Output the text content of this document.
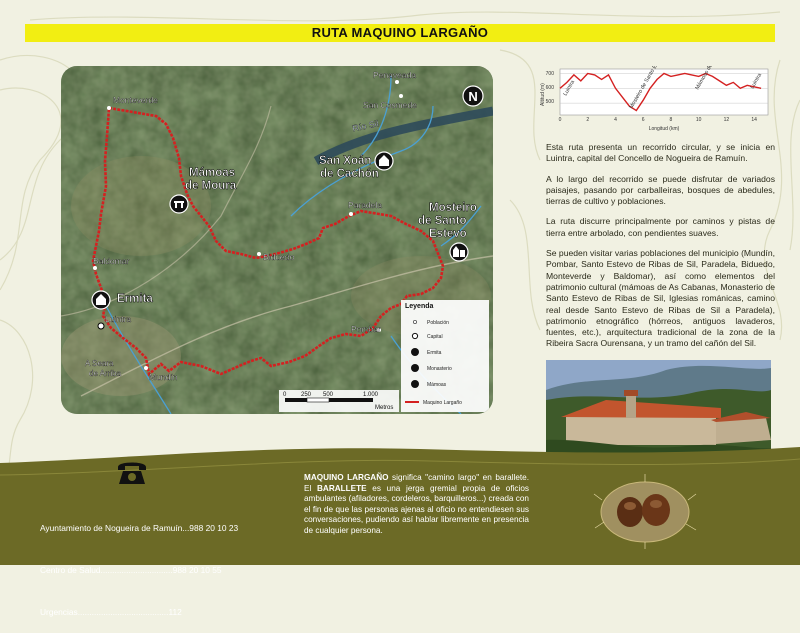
RUTA MAQUINO LARGAÑO
Monteverde
Penaveada
San Cosmede
Paradela
Biduedo
Baldomar
Luintra
Pombar
Mundín
A Seara de Arriba
Río Sil
Mámoas de Moura
San Xoán de Cachón
Mosteiro de Santo Estevo
Ermita
N
Leyenda
Población
Capital
Ermita
Monasterio
Mámoas
Maquino Largaño
0 250 500	1.000
Metros
700
600
500
Altitud (m)
Longitud (km)
0	2	4	6	8	10	12	14
Luintra	Luintra

Esta ruta presenta un recorrido circular, y se inicia en Luintra, capital del Concello de Nogueira de Ramuín.

A lo largo del recorrido se puede disfrutar de variados paisajes, pasando por carballeiras, bosques de abedules, tierras de cultivo y poblaciones.

La ruta discurre principalmente por caminos y pistas de tierra entre arbolado, con pendientes suaves.

Se pueden visitar varias poblaciones del municipio (Mundín, Pombar, Santo Estevo de Ribas de Sil, Paradela, Biduedo, Monteverde y Baldomar), así como elementos del patrimonio cultural (mámoas de As Cabanas, Monasterio de Santo Estevo de Ribas de Sil, Iglesias románicas, camino real desde Santo Estevo de Ribas de Sil a Paradela), patrimonio etnográfico (hórreos, antiguos lavaderos, fuentes, etc.), arquitectura tradicional de la zona de la Ribeira Sacra Ourensana, y un tramo del cañón del Sil.

Ayuntamiento de Nogueira de Ramuín...988 20 10 23

Centro de Salud...............................988 20 10 55

Urgencias.......................................112

MAQUINO LARGAÑO significa "camino largo" en barallete. El BARALLETE es una jerga gremial propia de oficios ambulantes (afiladores, cordeleros, barquilleros...) creada con el fin de que las personas ajenas al oficio no entendiesen sus conversaciones, pudiendo así hablar libremente en presencia de cualquier persona.
